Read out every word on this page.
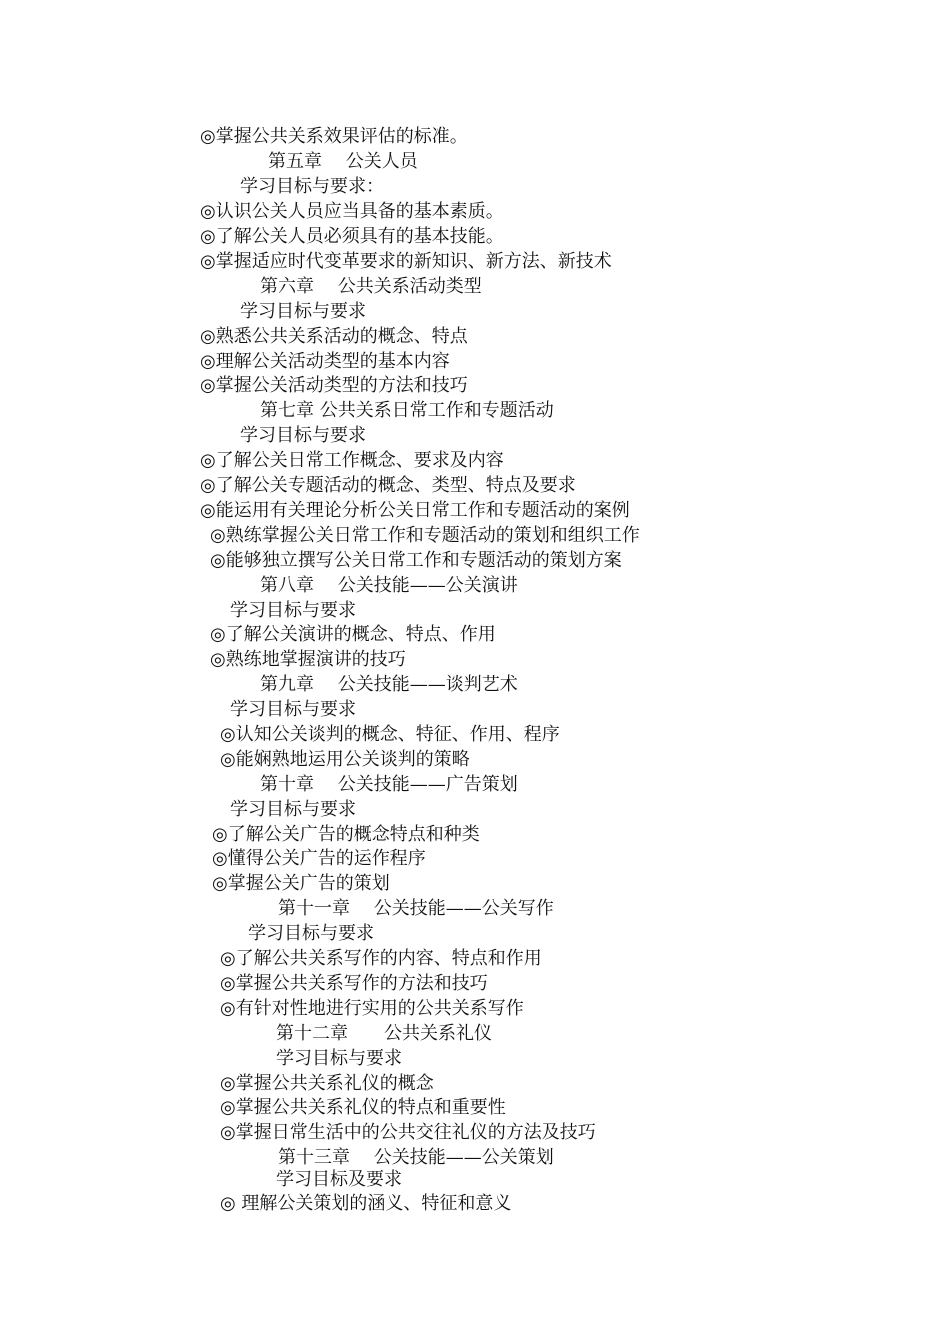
◎掌握公共关系效果评估的标准。
第五章　 公关人员
学习目标与要求：
◎认识公关人员应当具备的基本素质。
◎了解公关人员必须具有的基本技能。
◎掌握适应时代变革要求的新知识、新方法、新技术
第六章　 公共关系活动类型
学习目标与要求
◎熟悉公共关系活动的概念、特点
◎理解公关活动类型的基本内容
◎掌握公关活动类型的方法和技巧
第七章 公共关系日常工作和专题活动
学习目标与要求
◎了解公关日常工作概念、要求及内容
◎了解公关专题活动的概念、类型、特点及要求
◎能运用有关理论分析公关日常工作和专题活动的案例
◎熟练掌握公关日常工作和专题活动的策划和组织工作
◎能够独立撰写公关日常工作和专题活动的策划方案
第八章　 公关技能——公关演讲
学习目标与要求
◎了解公关演讲的概念、特点、作用
◎熟练地掌握演讲的技巧
第九章　 公关技能——谈判艺术
学习目标与要求
◎认知公关谈判的概念、特征、作用、程序
◎能娴熟地运用公关谈判的策略
第十章　 公关技能——广告策划
学习目标与要求
◎了解公关广告的概念特点和种类
◎懂得公关广告的运作程序
◎掌握公关广告的策划
第十一章　 公关技能——公关写作
学习目标与要求
◎了解公共关系写作的内容、特点和作用
◎掌握公共关系写作的方法和技巧
◎有针对性地进行实用的公共关系写作
第十二章　　公共关系礼仪
学习目标与要求
◎掌握公共关系礼仪的概念
◎掌握公共关系礼仪的特点和重要性
◎掌握日常生活中的公共交往礼仪的方法及技巧
第十三章　 公关技能——公关策划
学习目标及要求
◎ 理解公关策划的涵义、特征和意义
